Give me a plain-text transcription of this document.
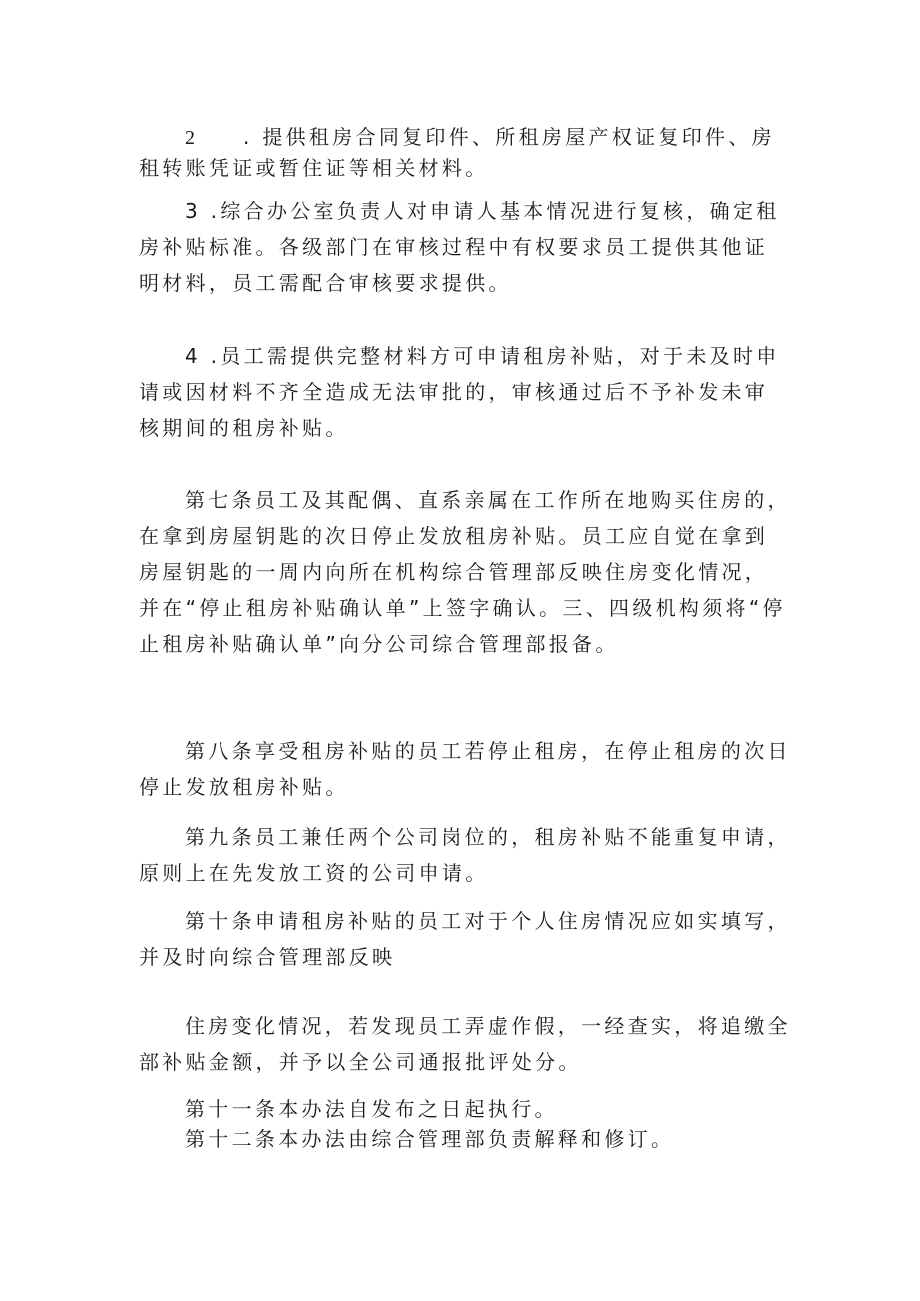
2 . 提供租房合同复印件、所租房屋产权证复印件、房租转账凭证或暂住证等相关材料。

3 .综合办公室负责人对申请人基本情况进行复核，确定租房补贴标准。各级部门在审核过程中有权要求员工提供其他证明材料，员工需配合审核要求提供。

4 .员工需提供完整材料方可申请租房补贴，对于未及时申请或因材料不齐全造成无法审批的，审核通过后不予补发未审核期间的租房补贴。

第七条员工及其配偶、直系亲属在工作所在地购买住房的，在拿到房屋钥匙的次日停止发放租房补贴。员工应自觉在拿到房屋钥匙的一周内向所在机构综合管理部反映住房变化情况，并在“停止租房补贴确认单”上签字确认。三、四级机构须将“停止租房补贴确认单”向分公司综合管理部报备。

第八条享受租房补贴的员工若停止租房，在停止租房的次日停止发放租房补贴。

第九条员工兼任两个公司岗位的，租房补贴不能重复申请，原则上在先发放工资的公司申请。

第十条申请租房补贴的员工对于个人住房情况应如实填写，并及时向综合管理部反映

住房变化情况，若发现员工弄虚作假，一经查实，将追缴全部补贴金额，并予以全公司通报批评处分。

第十一条本办法自发布之日起执行。

第十二条本办法由综合管理部负责解释和修订。
